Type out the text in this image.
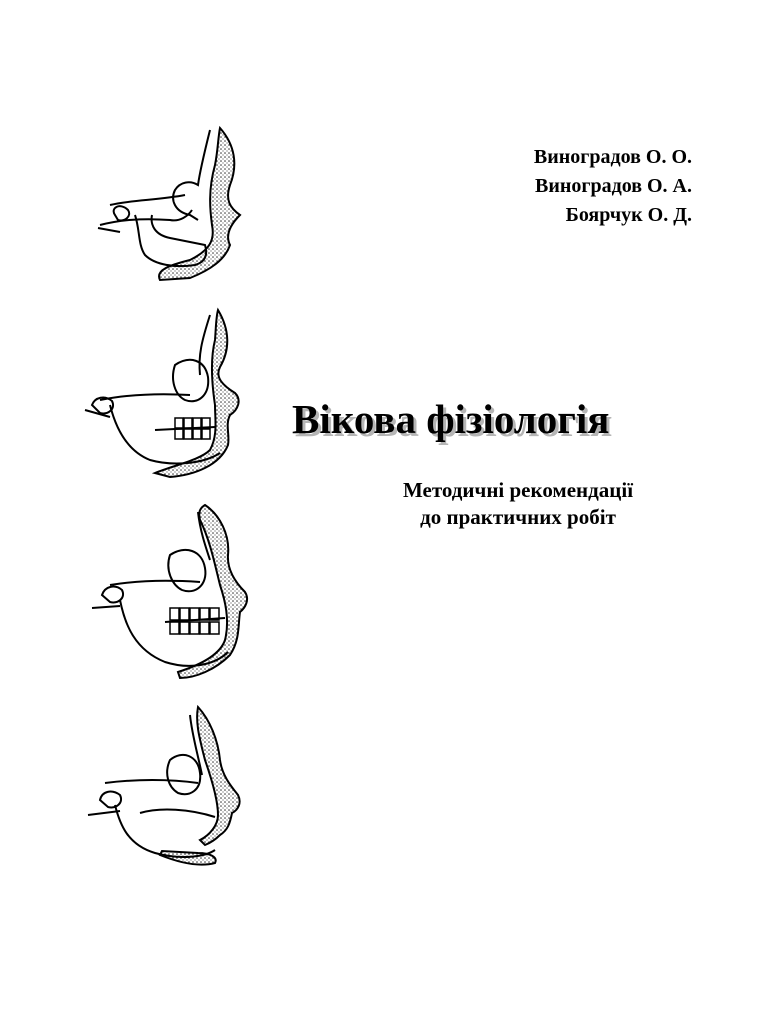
Виноградов О. О.
Виноградов О. А.
Боярчук О. Д.
Вікова фізіологія
Методичні рекомендації
до практичних робіт
